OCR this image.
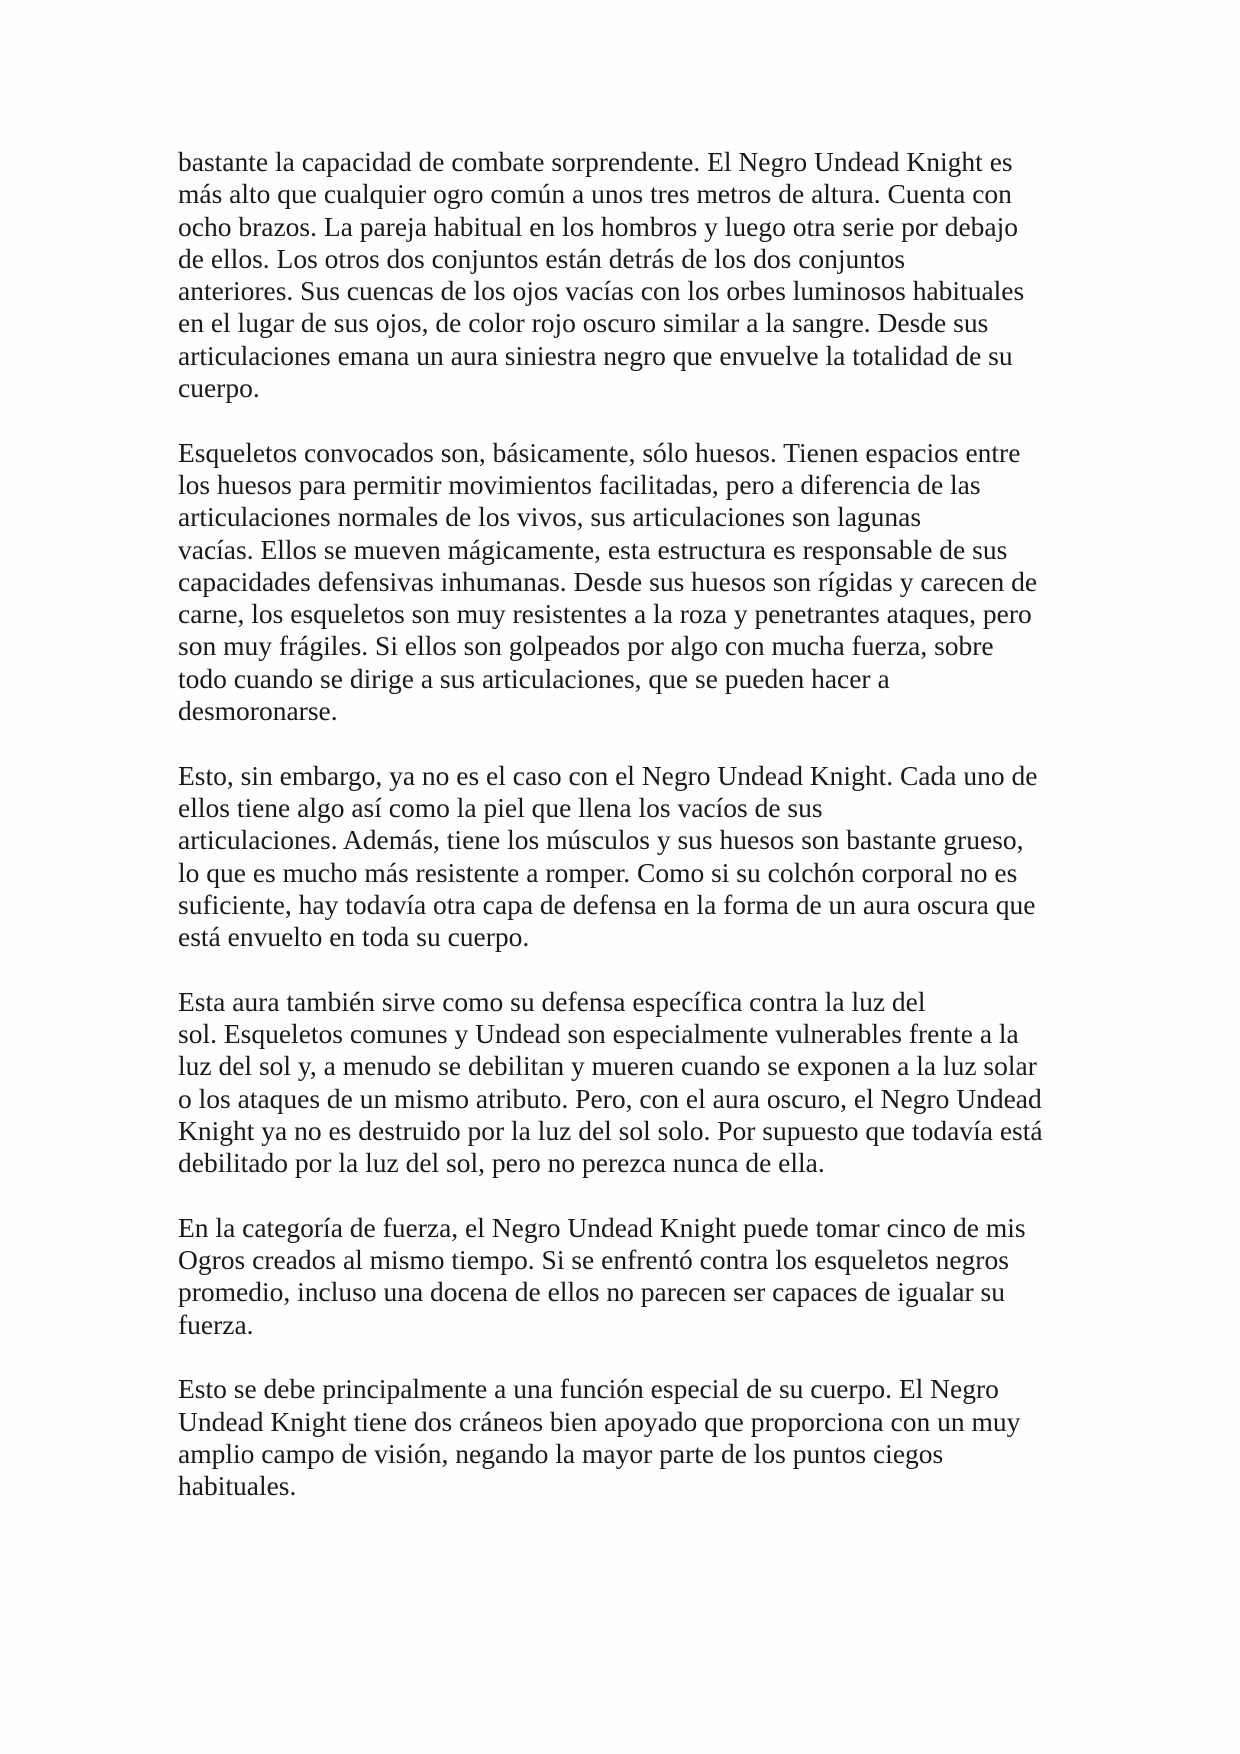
bastante la capacidad de combate sorprendente. El Negro Undead Knight es
más alto que cualquier ogro común a unos tres metros de altura. Cuenta con
ocho brazos. La pareja habitual en los hombros y luego otra serie por debajo
de ellos. Los otros dos conjuntos están detrás de los dos conjuntos
anteriores. Sus cuencas de los ojos vacías con los orbes luminosos habituales
en el lugar de sus ojos, de color rojo oscuro similar a la sangre. Desde sus
articulaciones emana un aura siniestra negro que envuelve la totalidad de su
cuerpo.

Esqueletos convocados son, básicamente, sólo huesos. Tienen espacios entre
los huesos para permitir movimientos facilitadas, pero a diferencia de las
articulaciones normales de los vivos, sus articulaciones son lagunas
vacías. Ellos se mueven mágicamente, esta estructura es responsable de sus
capacidades defensivas inhumanas. Desde sus huesos son rígidas y carecen de
carne, los esqueletos son muy resistentes a la roza y penetrantes ataques, pero
son muy frágiles. Si ellos son golpeados por algo con mucha fuerza, sobre
todo cuando se dirige a sus articulaciones, que se pueden hacer a
desmoronarse.

Esto, sin embargo, ya no es el caso con el Negro Undead Knight. Cada uno de
ellos tiene algo así como la piel que llena los vacíos de sus
articulaciones. Además, tiene los músculos y sus huesos son bastante grueso,
lo que es mucho más resistente a romper. Como si su colchón corporal no es
suficiente, hay todavía otra capa de defensa en la forma de un aura oscura que
está envuelto en toda su cuerpo.

Esta aura también sirve como su defensa específica contra la luz del
sol. Esqueletos comunes y Undead son especialmente vulnerables frente a la
luz del sol y, a menudo se debilitan y mueren cuando se exponen a la luz solar
o los ataques de un mismo atributo. Pero, con el aura oscuro, el Negro Undead
Knight ya no es destruido por la luz del sol solo. Por supuesto que todavía está
debilitado por la luz del sol, pero no perezca nunca de ella.

En la categoría de fuerza, el Negro Undead Knight puede tomar cinco de mis
Ogros creados al mismo tiempo. Si se enfrentó contra los esqueletos negros
promedio, incluso una docena de ellos no parecen ser capaces de igualar su
fuerza.

Esto se debe principalmente a una función especial de su cuerpo. El Negro
Undead Knight tiene dos cráneos bien apoyado que proporciona con un muy
amplio campo de visión, negando la mayor parte de los puntos ciegos
habituales.
